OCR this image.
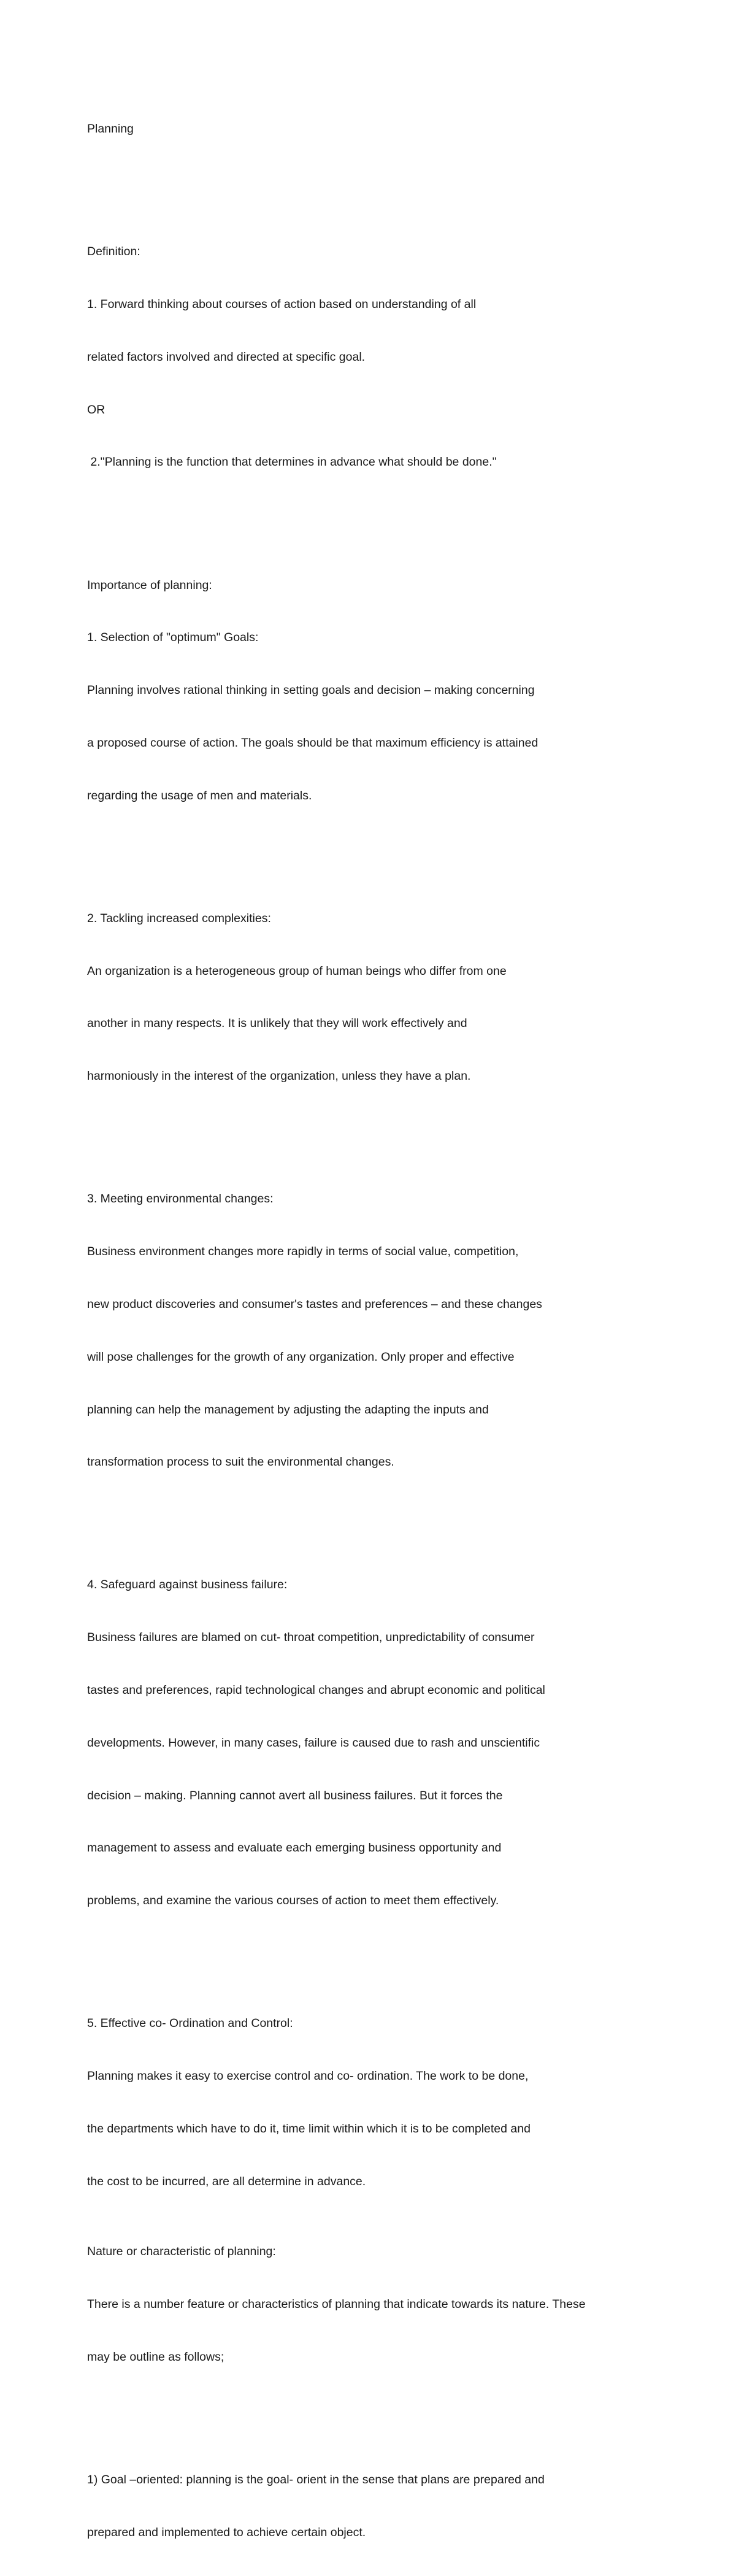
Planning

Definition:

1. Forward thinking about courses of action based on understanding of all

related factors involved and directed at specific goal.

OR

2."Planning is the function that determines in advance what should be done."

Importance of planning:

1. Selection of "optimum" Goals:

Planning involves rational thinking in setting goals and decision – making concerning

a proposed course of action. The goals should be that maximum efficiency is attained

regarding the usage of men and materials.

2. Tackling increased complexities:

An organization is a heterogeneous group of human beings who differ from one

another in many respects. It is unlikely that they will work effectively and

harmoniously in the interest of the organization, unless they have a plan.

3. Meeting environmental changes:

Business environment changes more rapidly in terms of social value, competition,

new product discoveries and consumer's tastes and preferences – and these changes

will pose challenges for the growth of any organization. Only proper and effective

planning can help the management by adjusting the adapting the inputs and

transformation process to suit the environmental changes.

4. Safeguard against business failure:

Business failures are blamed on cut- throat competition, unpredictability of consumer

tastes and preferences, rapid technological changes and abrupt economic and political

developments. However, in many cases, failure is caused due to rash and unscientific

decision – making. Planning cannot avert all business failures. But it forces the

management to assess and evaluate each emerging business opportunity and

problems, and examine the various courses of action to meet them effectively.

5. Effective co- Ordination and Control:

Planning makes it easy to exercise control and co- ordination. The work to be done,

the departments which have to do it, time limit within which it is to be completed and

the cost to be incurred, are all determine in advance.

Nature or characteristic of planning:

There is a number feature or characteristics of planning that indicate towards its nature. These

may be outline as follows;

1) Goal –oriented: planning is the goal- orient in the sense that plans are prepared and

prepared and implemented to achieve certain object.
